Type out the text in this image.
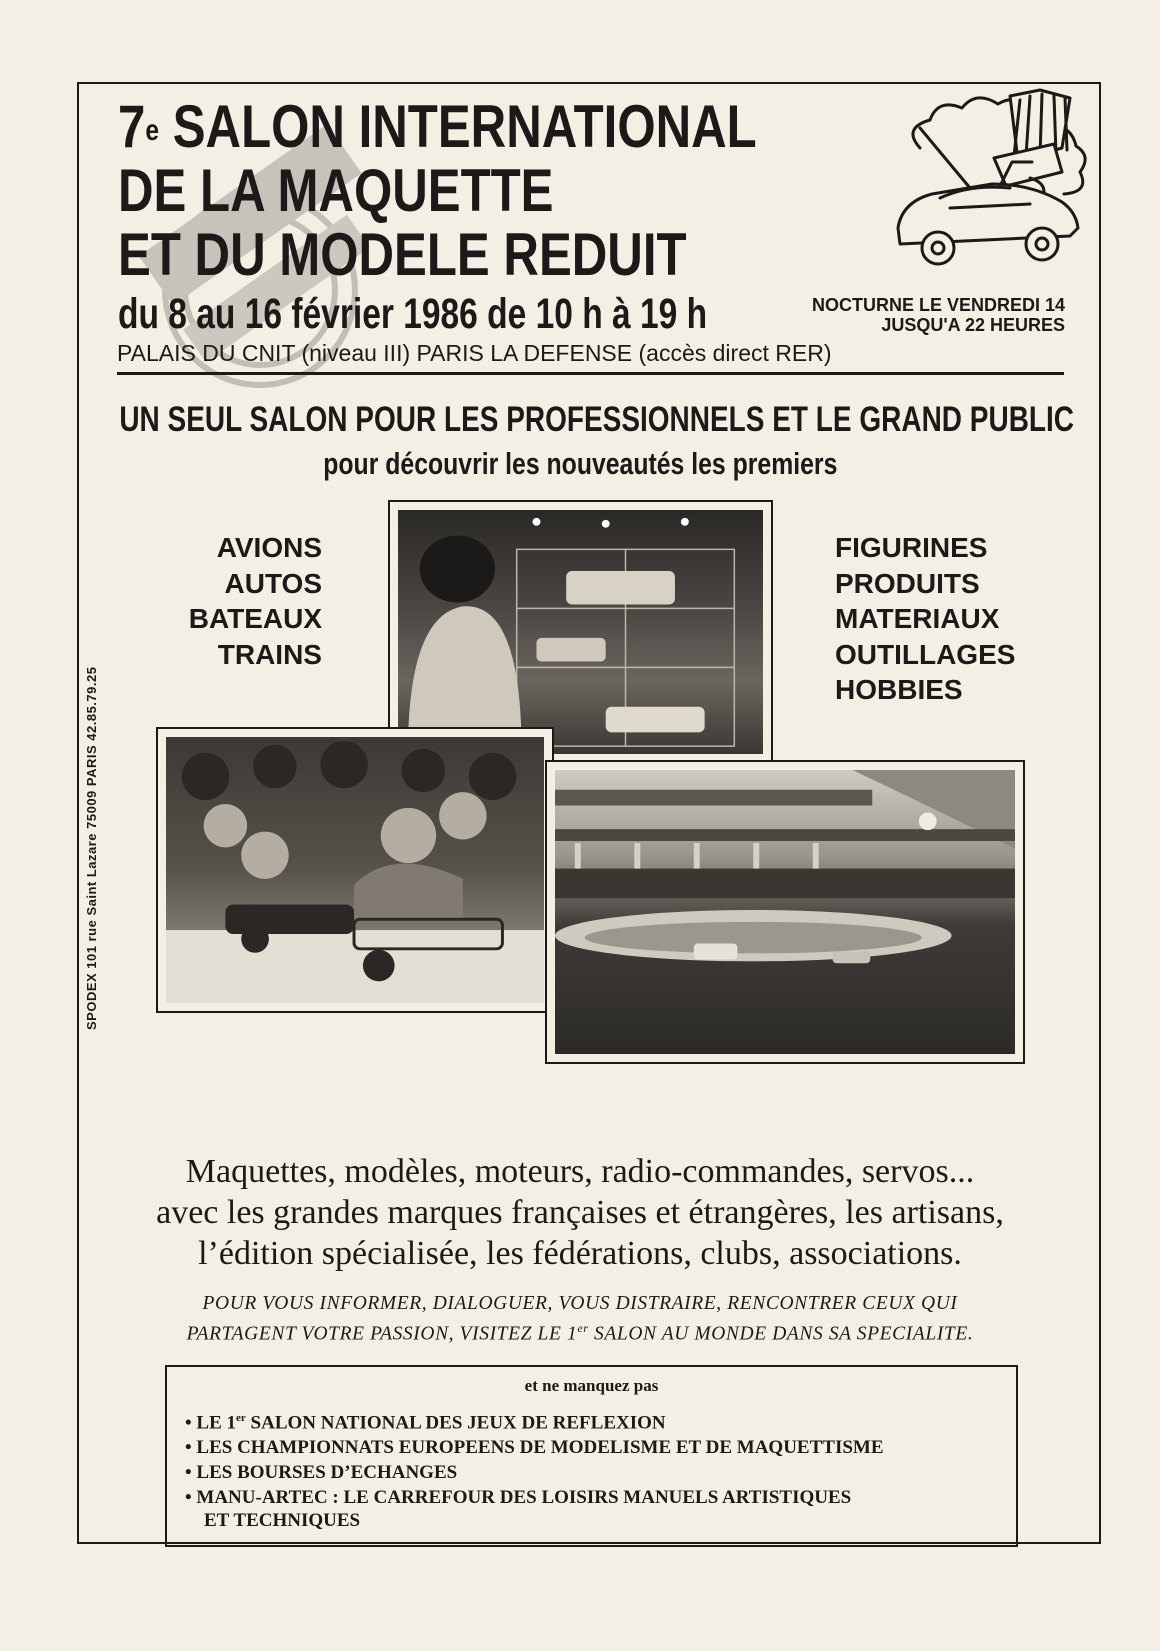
7e SALON INTERNATIONAL
DE LA MAQUETTE
ET DU MODELE REDUIT
du 8 au 16 février 1986 de 10 h à 19 h	NOCTURNE LE VENDREDI 14
JUSQU'A 22 HEURES
PALAIS DU CNIT (niveau III) PARIS LA DEFENSE (accès direct RER)
UN SEUL SALON POUR LES PROFESSIONNELS ET LE GRAND PUBLIC
pour découvrir les nouveautés les premiers
AVIONS
AUTOS
BATEAUX
TRAINS
FIGURINES
PRODUITS
MATERIAUX
OUTILLAGES
HOBBIES
SPODEX 101 rue Saint Lazare 75009 PARIS 42.85.79.25
Maquettes, modèles, moteurs, radio-commandes, servos...
avec les grandes marques françaises et étrangères, les artisans,
l’édition spécialisée, les fédérations, clubs, associations.
POUR VOUS INFORMER, DIALOGUER, VOUS DISTRAIRE, RENCONTRER CEUX QUI
PARTAGENT VOTRE PASSION, VISITEZ LE 1er SALON AU MONDE DANS SA SPECIALITE.
et ne manquez pas
• LE 1er SALON NATIONAL DES JEUX DE REFLEXION
• LES CHAMPIONNATS EUROPEENS DE MODELISME ET DE MAQUETTISME
• LES BOURSES D’ECHANGES
• MANU-ARTEC : LE CARREFOUR DES LOISIRS MANUELS ARTISTIQUES
ET TECHNIQUES
